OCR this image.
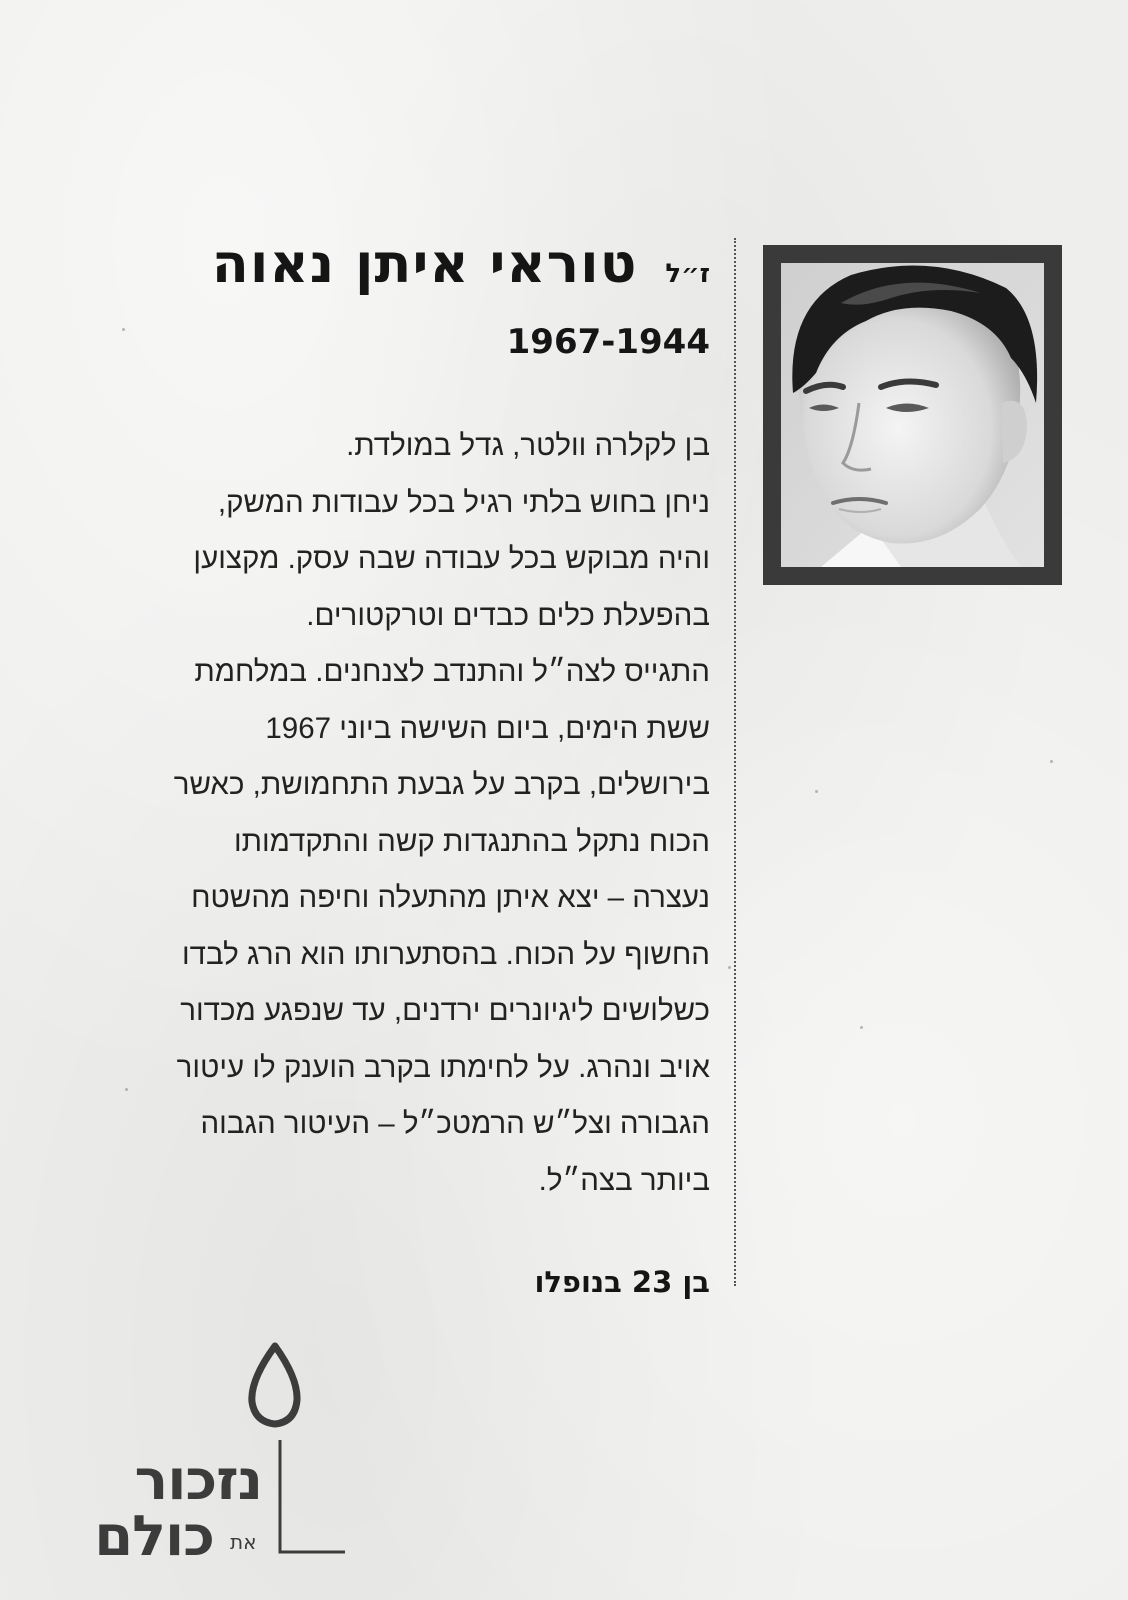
טוראי איתן נאוה ז״ל
1967-1944
בן לקלרה וולטר, גדל במולדת.
ניחן בחוש בלתי רגיל בכל עבודות המשק,
והיה מבוקש בכל עבודה שבה עסק. מקצוען
בהפעלת כלים כבדים וטרקטורים.
התגייס לצה״ל והתנדב לצנחנים. במלחמת
ששת הימים, ביום השישה ביוני 1967
בירושלים, בקרב על גבעת התחמושת, כאשר
הכוח נתקל בהתנגדות קשה והתקדמותו
נעצרה – יצא איתן מהתעלה וחיפה מהשטח
החשוף על הכוח. בהסתערותו הוא הרג לבדו
כשלושים ליגיונרים ירדנים, עד שנפגע מכדור
אויב ונהרג. על לחימתו בקרב הוענק לו עיטור
הגבורה וצל״ש הרמטכ״ל – העיטור הגבוה
ביותר בצה״ל.
בן 23 בנופלו
נזכור
את
כולם
